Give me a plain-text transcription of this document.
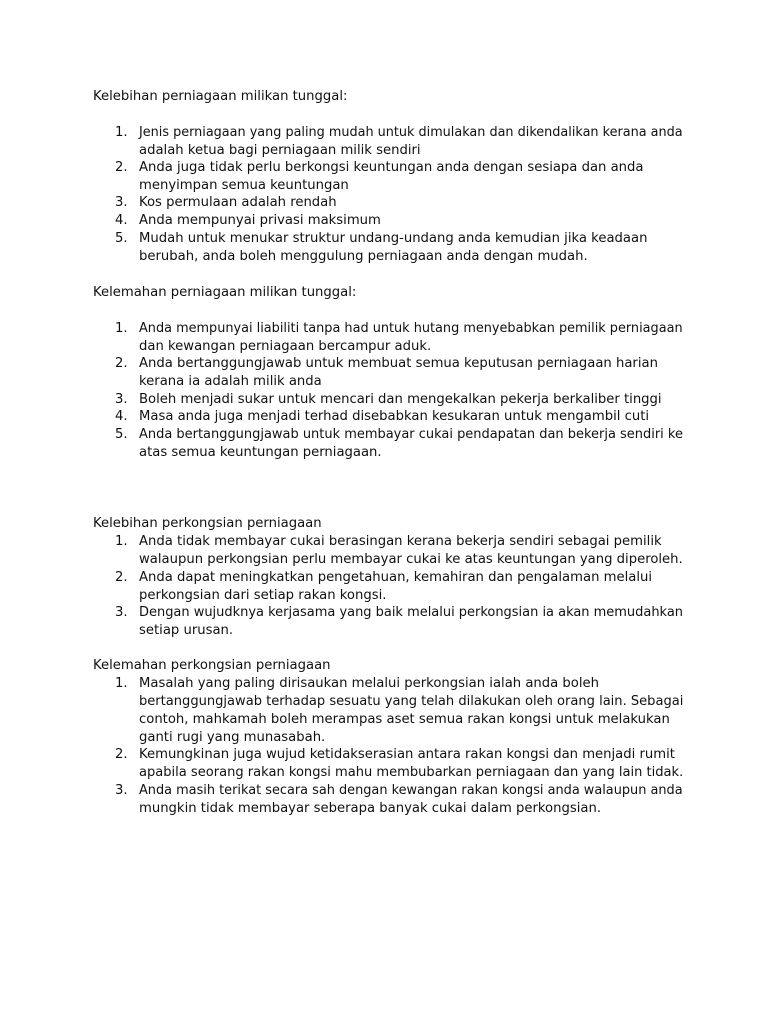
Kelebihan perniagaan milikan tunggal:
1. Jenis perniagaan yang paling mudah untuk dimulakan dan dikendalikan kerana anda
adalah ketua bagi perniagaan milik sendiri
2. Anda juga tidak perlu berkongsi keuntungan anda dengan sesiapa dan anda
menyimpan semua keuntungan
3. Kos permulaan adalah rendah
4. Anda mempunyai privasi maksimum
5. Mudah untuk menukar struktur undang-undang anda kemudian jika keadaan
berubah, anda boleh menggulung perniagaan anda dengan mudah.
Kelemahan perniagaan milikan tunggal:
1. Anda mempunyai liabiliti tanpa had untuk hutang menyebabkan pemilik perniagaan
dan kewangan perniagaan bercampur aduk.
2. Anda bertanggungjawab untuk membuat semua keputusan perniagaan harian
kerana ia adalah milik anda
3. Boleh menjadi sukar untuk mencari dan mengekalkan pekerja berkaliber tinggi
4. Masa anda juga menjadi terhad disebabkan kesukaran untuk mengambil cuti
5. Anda bertanggungjawab untuk membayar cukai pendapatan dan bekerja sendiri ke
atas semua keuntungan perniagaan.
Kelebihan perkongsian perniagaan
1. Anda tidak membayar cukai berasingan kerana bekerja sendiri sebagai pemilik
walaupun perkongsian perlu membayar cukai ke atas keuntungan yang diperoleh.
2. Anda dapat meningkatkan pengetahuan, kemahiran dan pengalaman melalui
perkongsian dari setiap rakan kongsi.
3. Dengan wujudknya kerjasama yang baik melalui perkongsian ia akan memudahkan
setiap urusan.
Kelemahan perkongsian perniagaan
1. Masalah yang paling dirisaukan melalui perkongsian ialah anda boleh
bertanggungjawab terhadap sesuatu yang telah dilakukan oleh orang lain. Sebagai
contoh, mahkamah boleh merampas aset semua rakan kongsi untuk melakukan
ganti rugi yang munasabah.
2. Kemungkinan juga wujud ketidakserasian antara rakan kongsi dan menjadi rumit
apabila seorang rakan kongsi mahu membubarkan perniagaan dan yang lain tidak.
3. Anda masih terikat secara sah dengan kewangan rakan kongsi anda walaupun anda
mungkin tidak membayar seberapa banyak cukai dalam perkongsian.
